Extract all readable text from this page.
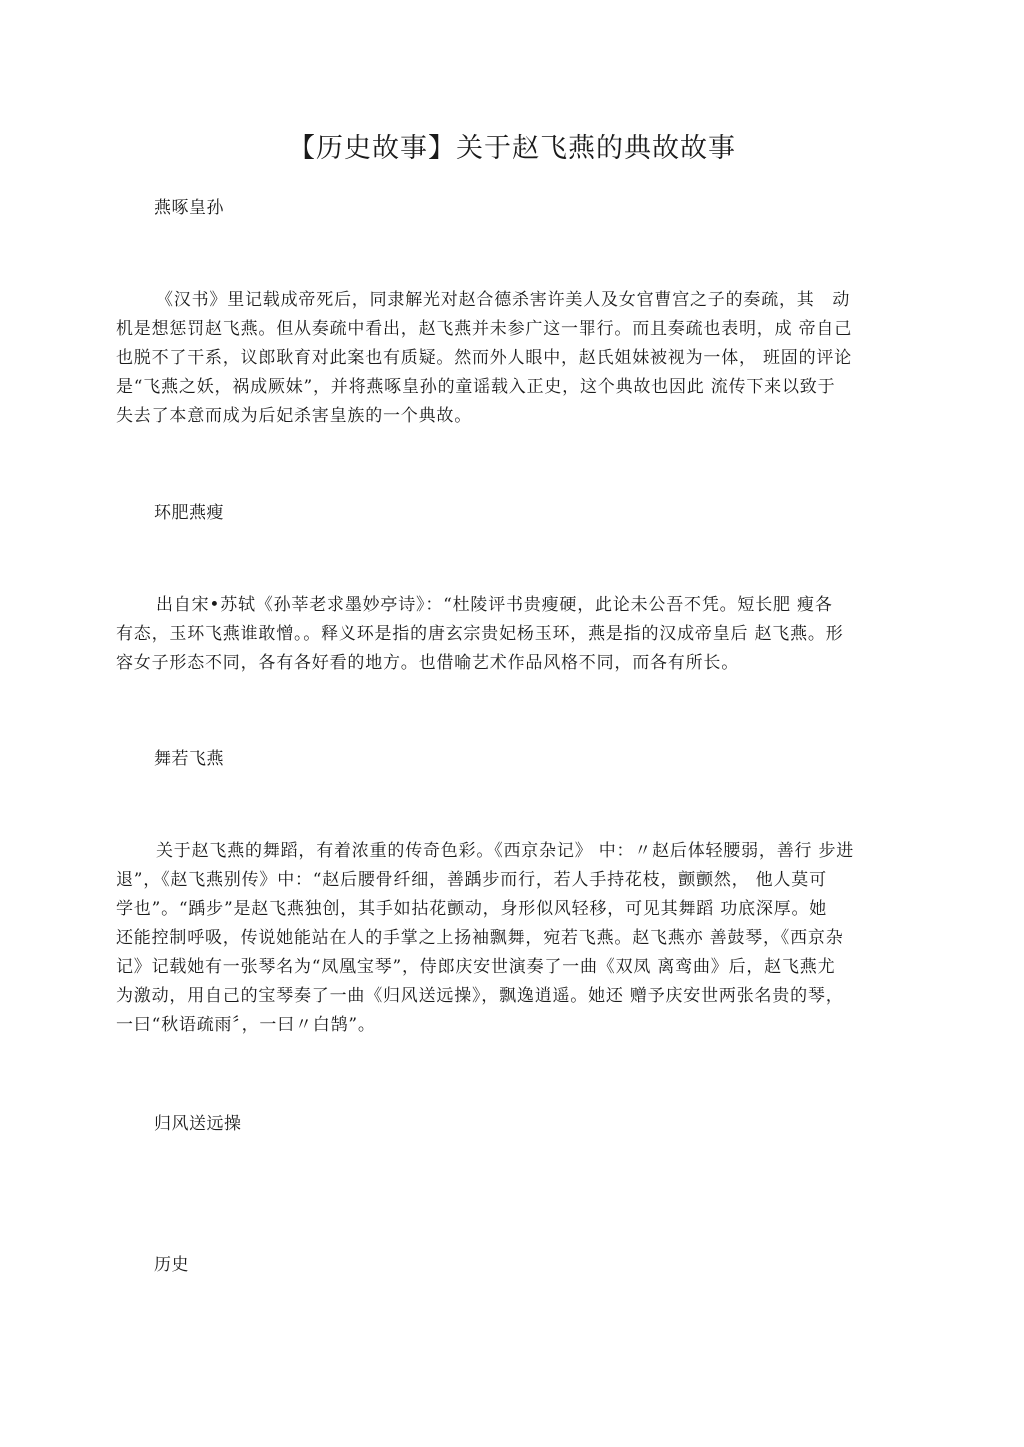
【历史故事】关于赵飞燕的典故故事
燕啄皇孙
《汉书》里记载成帝死后，同隶解光对赵合德杀害许美人及女官曹宫之子的奏疏，其　动
机是想惩罚赵飞燕。但从奏疏中看出，赵飞燕并未参广这一罪行。而且奏疏也表明，成 帝自己
也脱不了干系，议郎耿育对此案也有质疑。然而外人眼中，赵氏姐妹被视为一体， 班固的评论
是“飞燕之妖，祸成厥妹”，并将燕啄皇孙的童谣载入正史，这个典故也因此 流传下来以致于
失去了本意而成为后妃杀害皇族的一个典故。
环肥燕瘦
出自宋•苏轼《孙莘老求墨妙亭诗》：“杜陵评书贵瘦硬，此论未公吾不凭。短长肥 瘦各
有态，玉环飞燕谁敢憎。。释义环是指的唐玄宗贵妃杨玉环，燕是指的汉成帝皇后 赵飞燕。形
容女子形态不同，各有各好看的地方。也借喻艺术作品风格不同，而各有所长。
舞若飞燕
关于赵飞燕的舞蹈，有着浓重的传奇色彩。《西京杂记》 中：〃赵后体轻腰弱，善行 步进
退”，《赵飞燕别传》中：“赵后腰骨纤细，善踽步而行，若人手持花枝，颤颤然， 他人莫可
学也”。“踽步”是赵飞燕独创，其手如拈花颤动，身形似风轻移，可见其舞蹈 功底深厚。她
还能控制呼吸，传说她能站在人的手掌之上扬袖飘舞，宛若飞燕。赵飞燕亦 善鼓琴，《西京杂
记》记载她有一张琴名为“凤凰宝琴”，侍郎庆安世演奏了一曲《双凤 离鸾曲》后，赵飞燕尤
为激动，用自己的宝琴奏了一曲《归风送远操》，飘逸逍遥。她还 赠予庆安世两张名贵的琴，
一曰“秋语疏雨〞，一曰〃白鹄”。
归风送远操
历史
